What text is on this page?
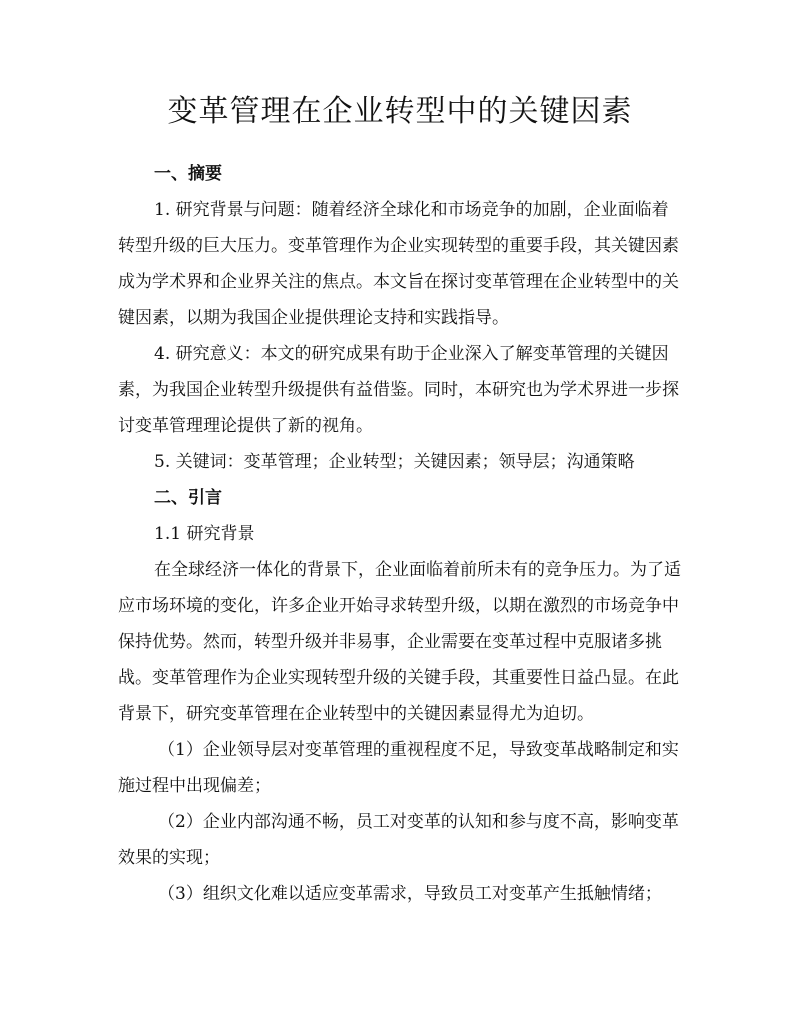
变革管理在企业转型中的关键因素
一、摘要

1. 研究背景与问题：随着经济全球化和市场竞争的加剧，企业面临着转型升级的巨大压力。变革管理作为企业实现转型的重要手段，其关键因素成为学术界和企业界关注的焦点。本文旨在探讨变革管理在企业转型中的关键因素，以期为我国企业提供理论支持和实践指导。

4. 研究意义：本文的研究成果有助于企业深入了解变革管理的关键因素，为我国企业转型升级提供有益借鉴。同时，本研究也为学术界进一步探讨变革管理理论提供了新的视角。

5. 关键词：变革管理；企业转型；关键因素；领导层；沟通策略

二、引言

1.1 研究背景

在全球经济一体化的背景下，企业面临着前所未有的竞争压力。为了适应市场环境的变化，许多企业开始寻求转型升级，以期在激烈的市场竞争中保持优势。然而，转型升级并非易事，企业需要在变革过程中克服诸多挑战。变革管理作为企业实现转型升级的关键手段，其重要性日益凸显。在此背景下，研究变革管理在企业转型中的关键因素显得尤为迫切。

（1）企业领导层对变革管理的重视程度不足，导致变革战略制定和实施过程中出现偏差；

（2）企业内部沟通不畅，员工对变革的认知和参与度不高，影响变革效果的实现；

（3）组织文化难以适应变革需求，导致员工对变革产生抵触情绪；
